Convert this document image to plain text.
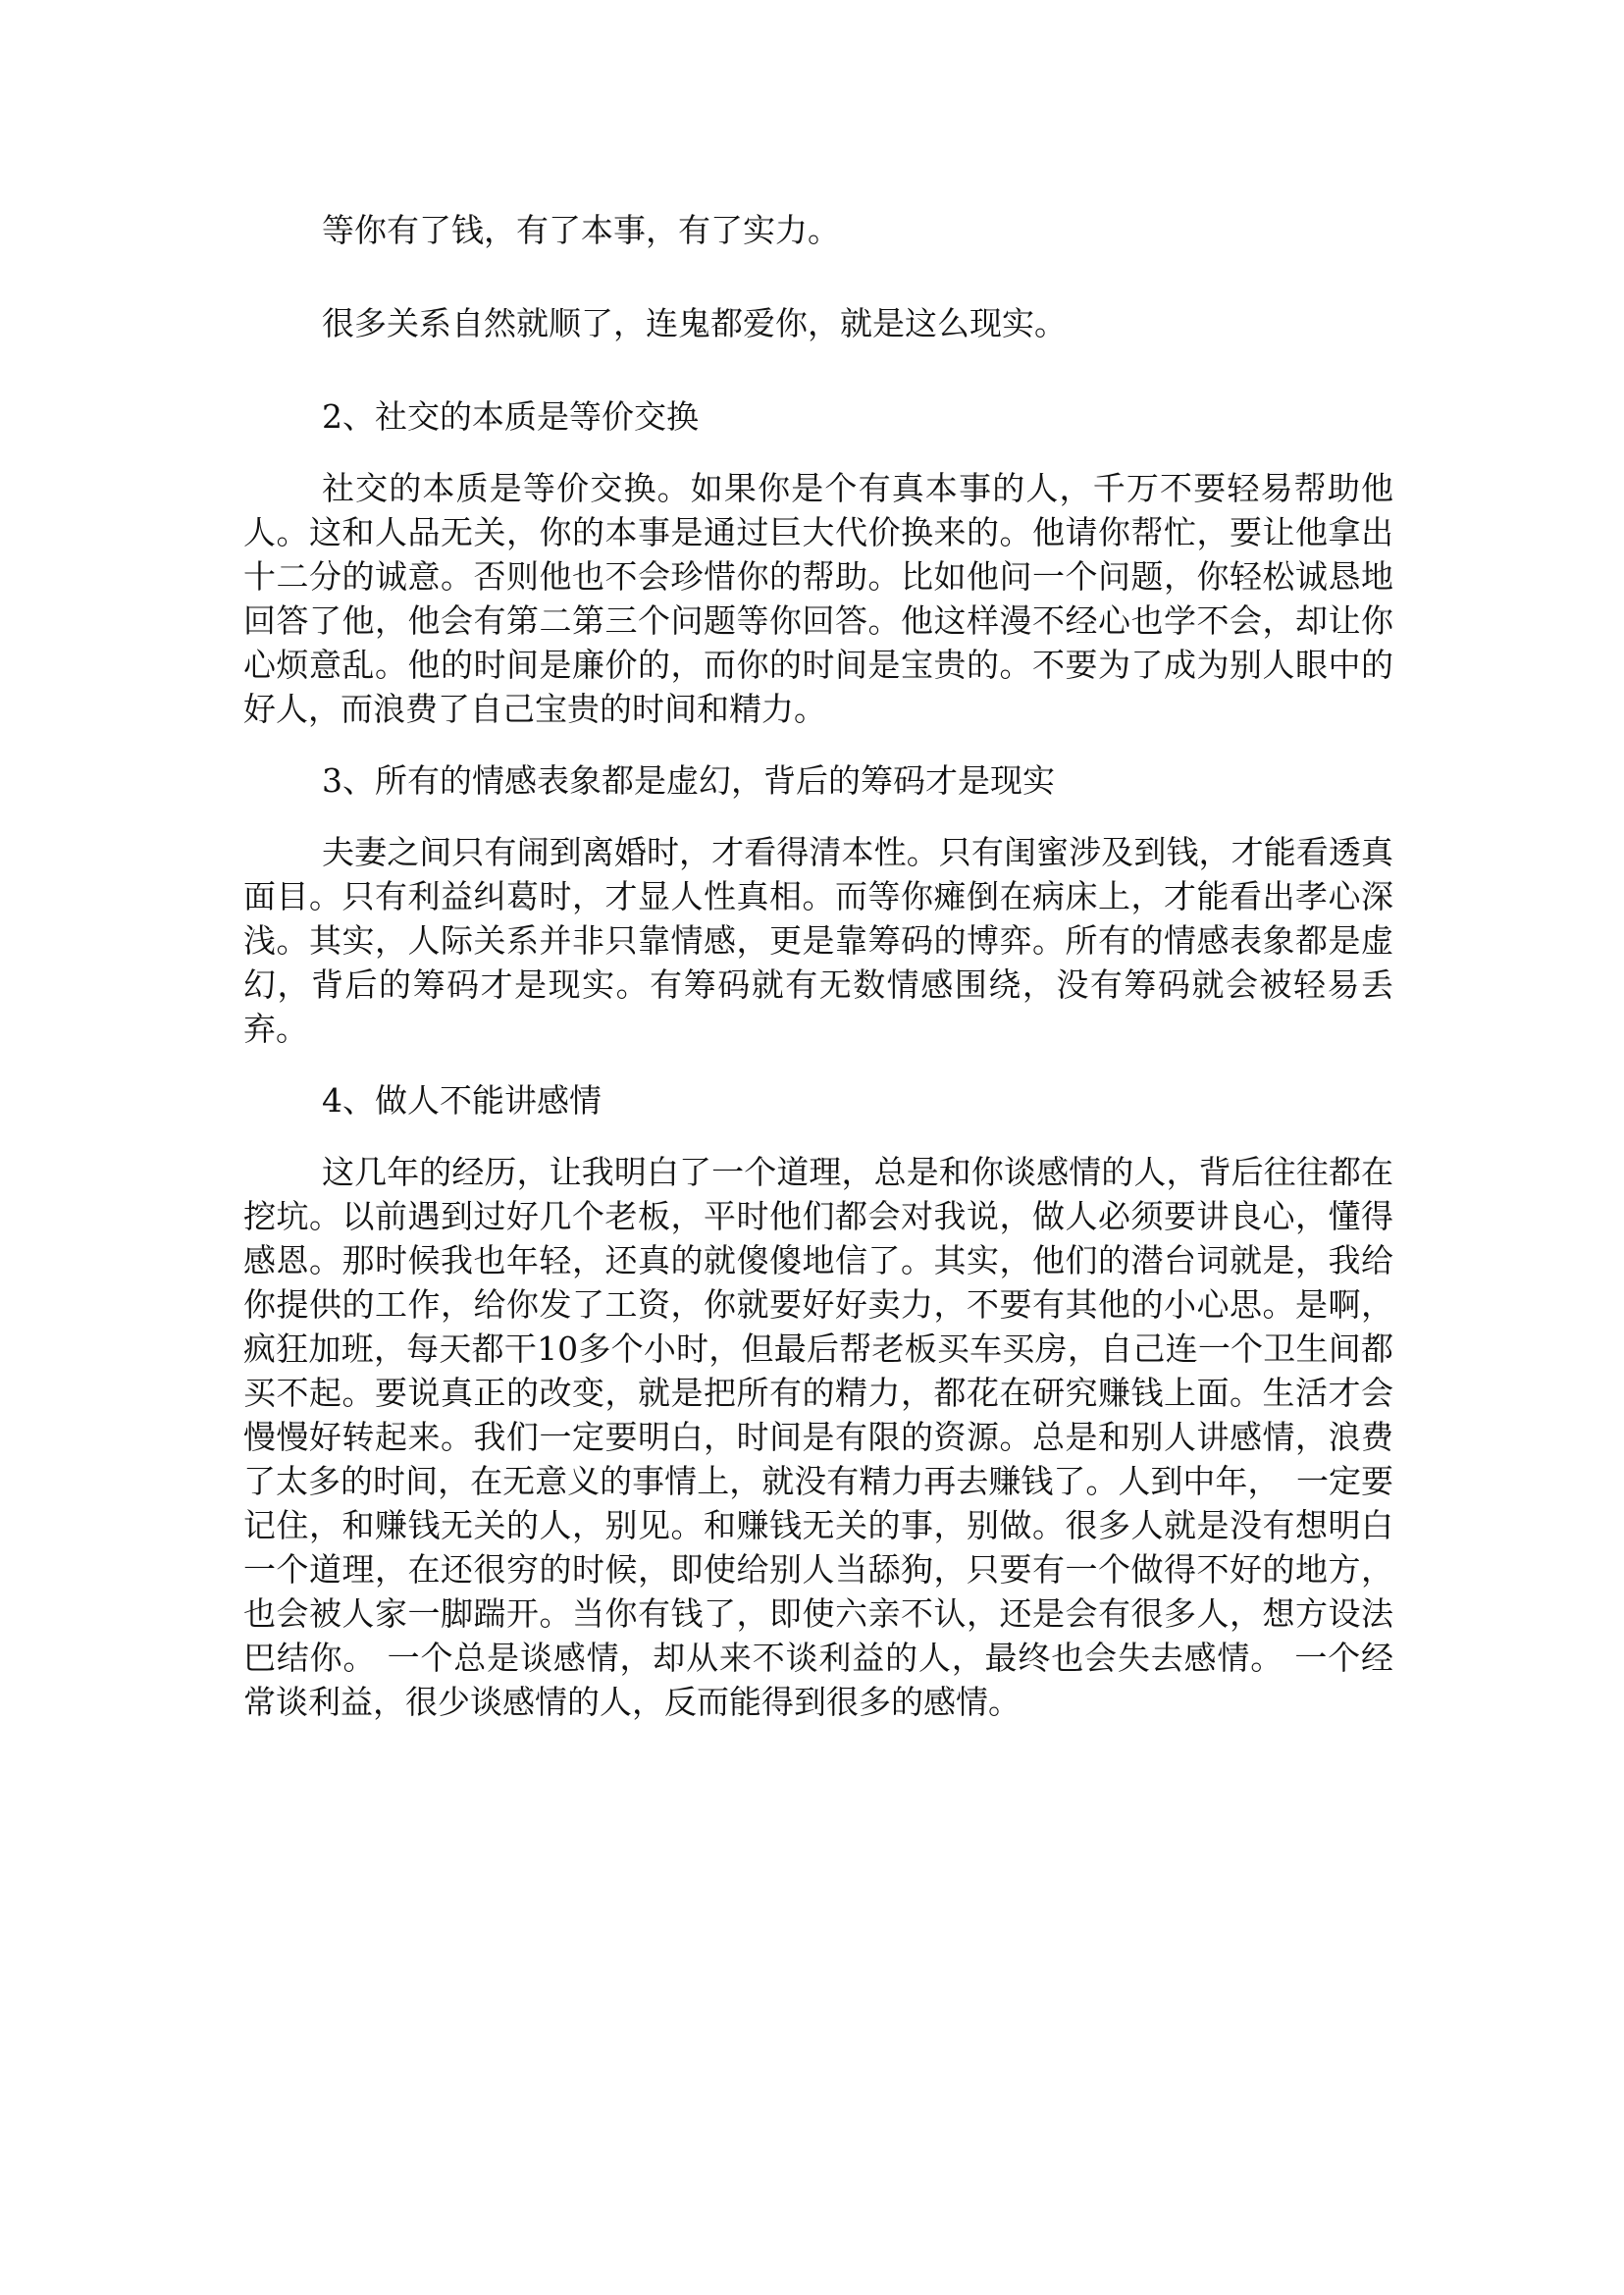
等你有了钱，有了本事，有了实力。

很多关系自然就顺了，连鬼都爱你，就是这么现实。

2、社交的本质是等价交换

社交的本质是等价交换。如果你是个有真本事的人，千万不要轻易帮助他人。这和人品无关，你的本事是通过巨大代价换来的。他请你帮忙，要让他拿出十二分的诚意。否则他也不会珍惜你的帮助。比如他问一个问题，你轻松诚恳地回答了他，他会有第二第三个问题等你回答。他这样漫不经心也学不会，却让你心烦意乱。他的时间是廉价的，而你的时间是宝贵的。不要为了成为别人眼中的好人，而浪费了自己宝贵的时间和精力。

3、所有的情感表象都是虚幻，背后的筹码才是现实

夫妻之间只有闹到离婚时，才看得清本性。只有闺蜜涉及到钱，才能看透真面目。只有利益纠葛时，才显人性真相。而等你瘫倒在病床上，才能看出孝心深浅。其实，人际关系并非只靠情感，更是靠筹码的博弈。所有的情感表象都是虚幻，背后的筹码才是现实。有筹码就有无数情感围绕，没有筹码就会被轻易丢弃。

4、做人不能讲感情

这几年的经历，让我明白了一个道理，总是和你谈感情的人，背后往往都在挖坑。以前遇到过好几个老板，平时他们都会对我说，做人必须要讲良心，懂得感恩。那时候我也年轻，还真的就傻傻地信了。其实，他们的潜台词就是，我给你提供的工作，给你发了工资，你就要好好卖力，不要有其他的小心思。是啊，疯狂加班，每天都干10多个小时，但最后帮老板买车买房，自己连一个卫生间都买不起。要说真正的改变，就是把所有的精力，都花在研究赚钱上面。生活才会慢慢好转起来。我们一定要明白，时间是有限的资源。总是和别人讲感情，浪费了太多的时间，在无意义的事情上，就没有精力再去赚钱了。人到中年，　一定要记住，和赚钱无关的人，别见。和赚钱无关的事，别做。很多人就是没有想明白一个道理，在还很穷的时候，即使给别人当舔狗，只要有一个做得不好的地方，也会被人家一脚踹开。当你有钱了，即使六亲不认，还是会有很多人，想方设法巴结你。 一个总是谈感情，却从来不谈利益的人，最终也会失去感情。 一个经常谈利益，很少谈感情的人，反而能得到很多的感情。
